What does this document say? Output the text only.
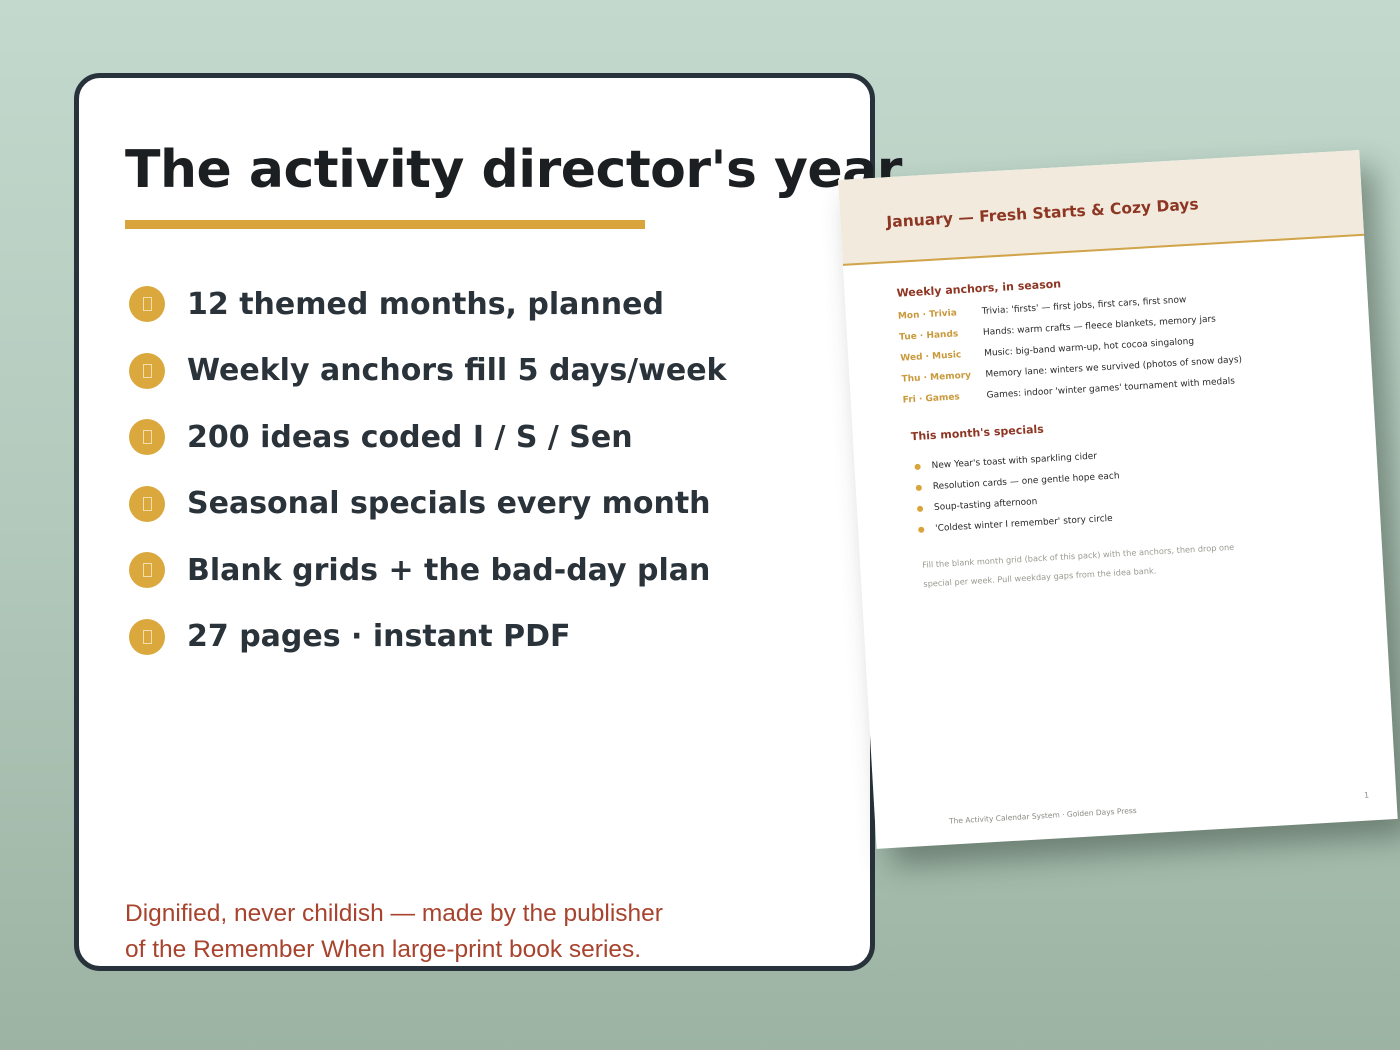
The activity director's year
12 themed months, planned
Weekly anchors fill 5 days/week
200 ideas coded I / S / Sen
Seasonal specials every month
Blank grids + the bad-day plan
27 pages · instant PDF
Dignified, never childish — made by the publisher
of the Remember When large-print book series.
January — Fresh Starts & Cozy Days
Weekly anchors, in season
Mon · Trivia	Trivia: 'firsts' — first jobs, first cars, first snow
Tue · Hands	Hands: warm crafts — fleece blankets, memory jars
Wed · Music	Music: big-band warm-up, hot cocoa singalong
Thu · Memory	Memory lane: winters we survived (photos of snow days)
Fri · Games	Games: indoor 'winter games' tournament with medals
This month's specials
New Year's toast with sparkling cider
Resolution cards — one gentle hope each
Soup-tasting afternoon
'Coldest winter I remember' story circle
Fill the blank month grid (back of this pack) with the anchors, then drop one special per week. Pull weekday gaps from the idea bank.
The Activity Calendar System · Golden Days Press
1
